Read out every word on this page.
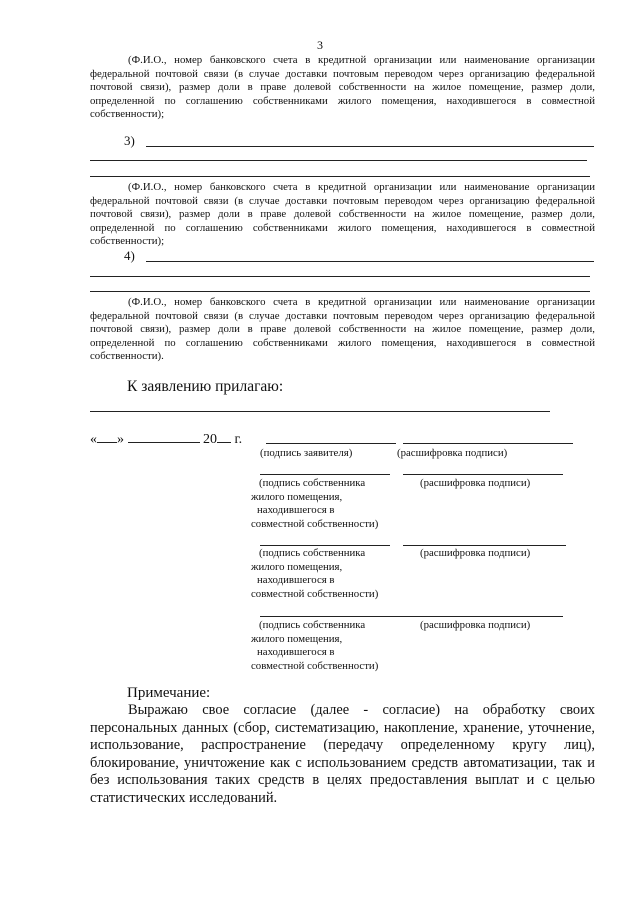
3
(Ф.И.О., номер банковского счета в кредитной организации или наименование организации федеральной почтовой связи (в случае доставки почтовым переводом через организацию федеральной почтовой связи), размер доли в праве долевой собственности на жилое помещение, размер доли, определенной по соглашению собственниками жилого помещения, находившегося в совместной собственности);
3)
(Ф.И.О., номер банковского счета в кредитной организации или наименование организации федеральной почтовой связи (в случае доставки почтовым переводом через организацию федеральной почтовой связи), размер доли в праве долевой собственности на жилое помещение, размер доли, определенной по соглашению собственниками жилого помещения, находившегося в совместной собственности);
4)
(Ф.И.О., номер банковского счета в кредитной организации или наименование организации федеральной почтовой связи (в случае доставки почтовым переводом через организацию федеральной почтовой связи), размер доли в праве долевой собственности на жилое помещение, размер доли, определенной по соглашению собственниками жилого помещения, находившегося в совместной собственности).
К заявлению прилагаю:
« »	20 г.
(подпись заявителя)	(расшифровка подписи)
(подпись собственника
жилого помещения,
находившегося в
совместной собственности)
(расшифровка подписи)
(подпись собственника
жилого помещения,
находившегося в
совместной собственности)
(расшифровка подписи)
(подпись собственника
жилого помещения,
находившегося в
совместной собственности)
(расшифровка подписи)
Примечание:
Выражаю свое согласие (далее - согласие) на обработку своих персональных данных (сбор, систематизацию, накопление, хранение, уточнение, использование, распространение (передачу определенному кругу лиц), блокирование, уничтожение как с использованием средств автоматизации, так и без использования таких средств в целях предоставления выплат и с целью статистических исследований.
